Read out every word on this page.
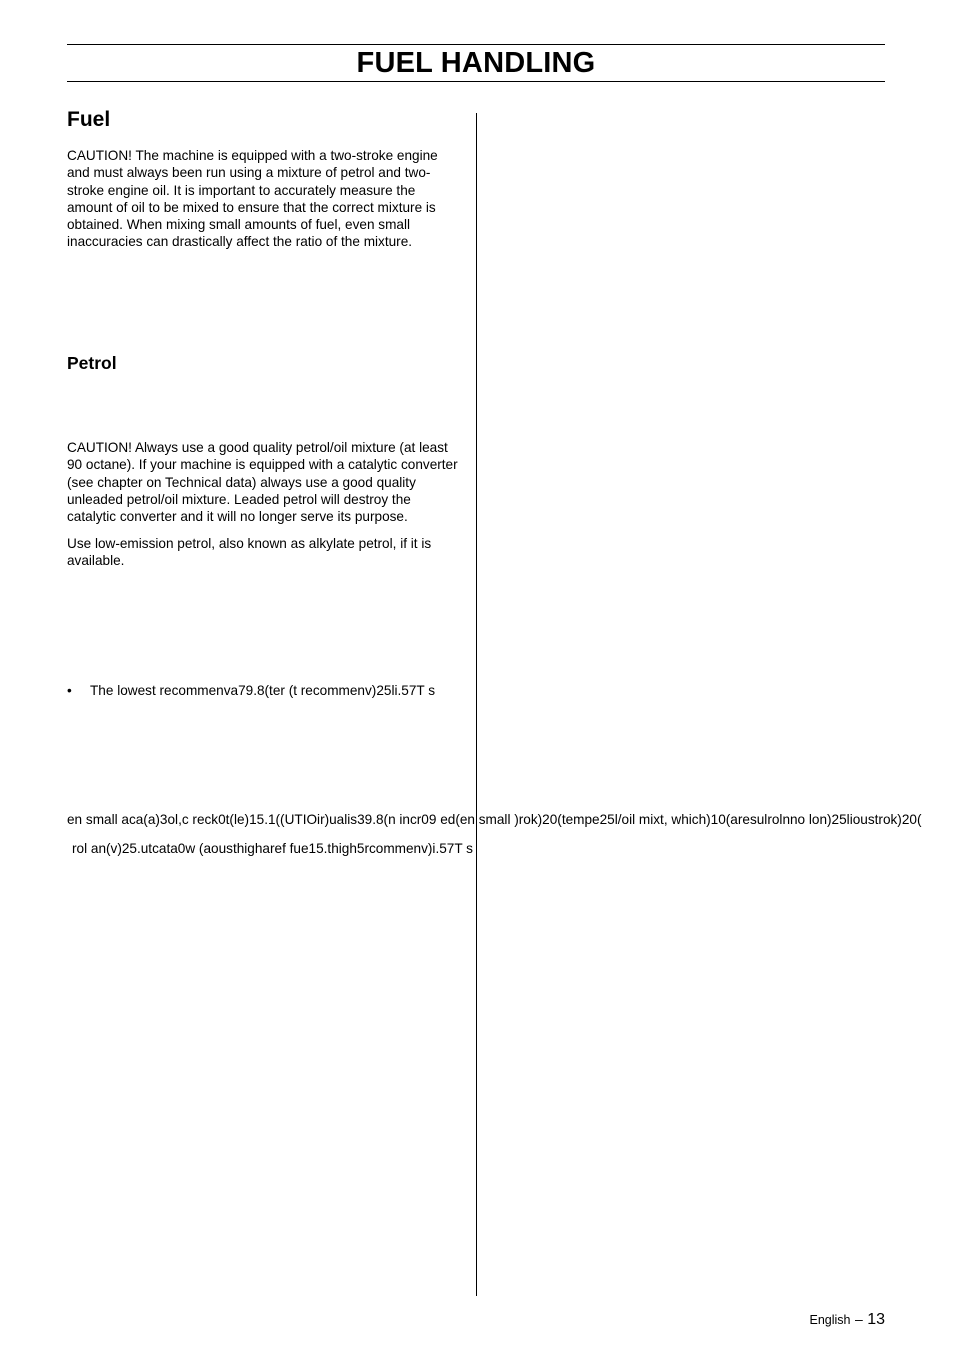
FUEL HANDLING
Fuel

CAUTION! The machine is equipped with a two-stroke engine and must always been run using a mixture of petrol and two-stroke engine oil. It is important to accurately measure the amount of oil to be mixed to ensure that the correct mixture is obtained. When mixing small amounts of fuel, even small inaccuracies can drastically affect the ratio of the mixture.

Petrol

CAUTION! Always use a good quality petrol/oil mixture (at least 90 octane). If your machine is equipped with a catalytic converter (see chapter on Technical data) always use a good quality unleaded petrol/oil mixture. Leaded petrol will destroy the catalytic converter and it will no longer serve its purpose.

Use low-emission petrol, also known as alkylate petrol, if it is available.

• The lowest recommenva79.8(ter (t recommenv)25li.57T s
en small aca(a)3ol,c reck0t(le)15.1((UTIOir)ualis39.8(n incr09 ed(en small )rok)20(tempe25l/oil mixt, which)10(aresulrolnno lon)25lioustrok)20(
rol an(v)25.utcata0w (aousthigharef fue15.thigh5rcommenv)i.57T s
English – 13
